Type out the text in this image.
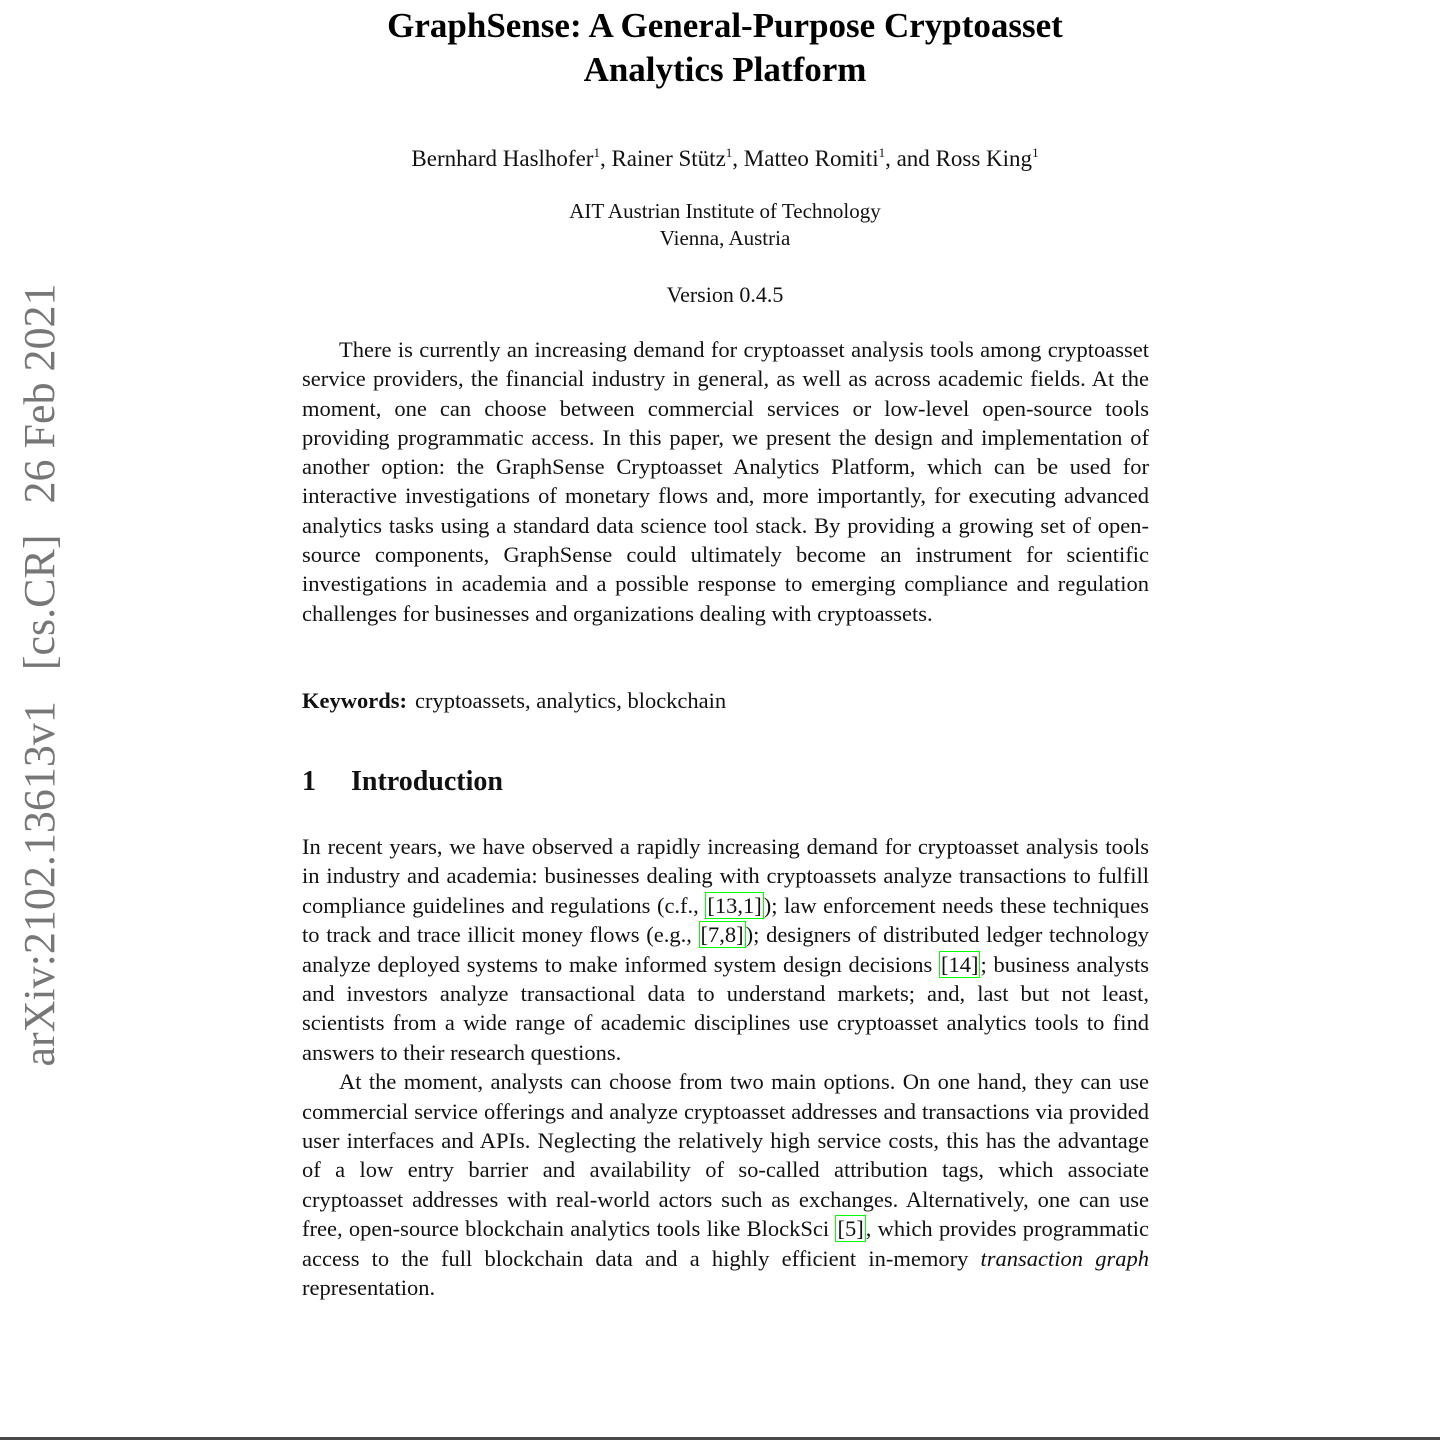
arXiv:2102.13613v1 [cs.CR] 26 Feb 2021
GraphSense: A General-Purpose Cryptoasset
Analytics Platform
Bernhard Haslhofer$^1$, Rainer Stütz$^1$, Matteo Romiti$^1$, and Ross King$^1$
AIT Austrian Institute of Technology
Vienna, Austria
Version 0.4.5
There is currently an increasing demand for cryptoasset analysis tools among cryptoasset service providers, the financial industry in general, as well as across academic fields. At the moment, one can choose between commercial services or low-level open-source tools providing programmatic access. In this paper, we present the design and implementation of another option: the GraphSense Cryptoasset Analytics Platform, which can be used for interactive investigations of monetary flows and, more importantly, for executing advanced analytics tasks using a standard data science tool stack. By providing a growing set of open-source components, GraphSense could ultimately become an instrument for scientific investigations in academia and a possible response to emerging compliance and regulation challenges for businesses and organizations dealing with cryptoassets.
Keywords: cryptoassets, analytics, blockchain
1 Introduction

In recent years, we have observed a rapidly increasing demand for cryptoasset analysis tools in industry and academia: businesses dealing with cryptoassets analyze transactions to fulfill compliance guidelines and regulations (c.f., [13,1]); law enforcement needs these techniques to track and trace illicit money flows (e.g., [7,8]); designers of distributed ledger technology analyze deployed systems to make informed system design decisions [14]; business analysts and investors analyze transactional data to understand markets; and, last but not least, scientists from a wide range of academic disciplines use cryptoasset analytics tools to find answers to their research questions.

At the moment, analysts can choose from two main options. On one hand, they can use commercial service offerings and analyze cryptoasset addresses and transactions via provided user interfaces and APIs. Neglecting the relatively high service costs, this has the advantage of a low entry barrier and availability of so-called attribution tags, which associate cryptoasset addresses with real-world actors such as exchanges. Alternatively, one can use free, open-source blockchain analytics tools like BlockSci [5], which provides programmatic access to the full blockchain data and a highly efficient in-memory transaction graph representation.
